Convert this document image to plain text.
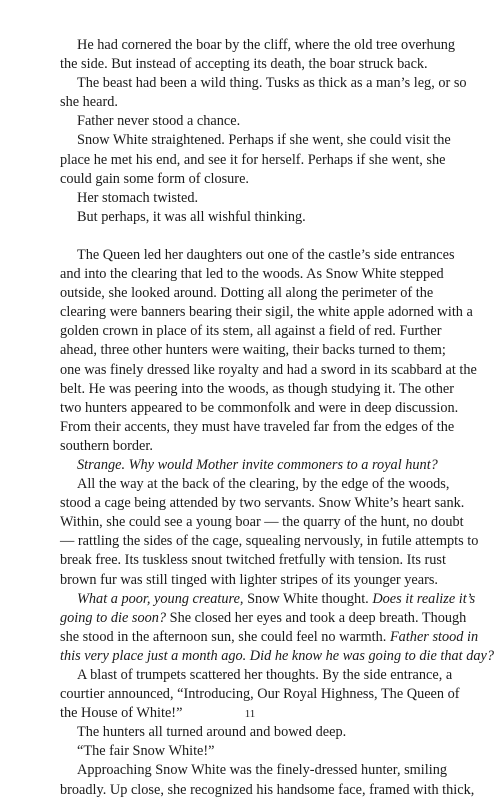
He had cornered the boar by the cliff, where the old tree overhung

the side. But instead of accepting its death, the boar struck back.

The beast had been a wild thing. Tusks as thick as a man’s leg, or so

she heard.

Father never stood a chance.

Snow White straightened. Perhaps if she went, she could visit the

place he met his end, and see it for herself. Perhaps if she went, she

could gain some form of closure.

Her stomach twisted.

But perhaps, it was all wishful thinking.

The Queen led her daughters out one of the castle’s side entrances

and into the clearing that led to the woods. As Snow White stepped

outside, she looked around. Dotting all along the perimeter of the

clearing were banners bearing their sigil, the white apple adorned with a

golden crown in place of its stem, all against a field of red. Further

ahead, three other hunters were waiting, their backs turned to them;

one was finely dressed like royalty and had a sword in its scabbard at the

belt. He was peering into the woods, as though studying it. The other

two hunters appeared to be commonfolk and were in deep discussion.

From their accents, they must have traveled far from the edges of the

southern border.

Strange. Why would Mother invite commoners to a royal hunt?

All the way at the back of the clearing, by the edge of the woods,

stood a cage being attended by two servants. Snow White’s heart sank.

Within, she could see a young boar — the quarry of the hunt, no doubt

— rattling the sides of the cage, squealing nervously, in futile attempts to

break free. Its tuskless snout twitched fretfully with tension. Its rust

brown fur was still tinged with lighter stripes of its younger years.

What a poor, young creature, Snow White thought. Does it realize it’s

going to die soon? She closed her eyes and took a deep breath. Though

she stood in the afternoon sun, she could feel no warmth. Father stood in

this very place just a month ago. Did he know he was going to die that day?

A blast of trumpets scattered her thoughts. By the side entrance, a

courtier announced, “Introducing, Our Royal Highness, The Queen of

the House of White!”

The hunters all turned around and bowed deep.

“The fair Snow White!”

Approaching Snow White was the finely-dressed hunter, smiling

broadly. Up close, she recognized his handsome face, framed with thick,

11
